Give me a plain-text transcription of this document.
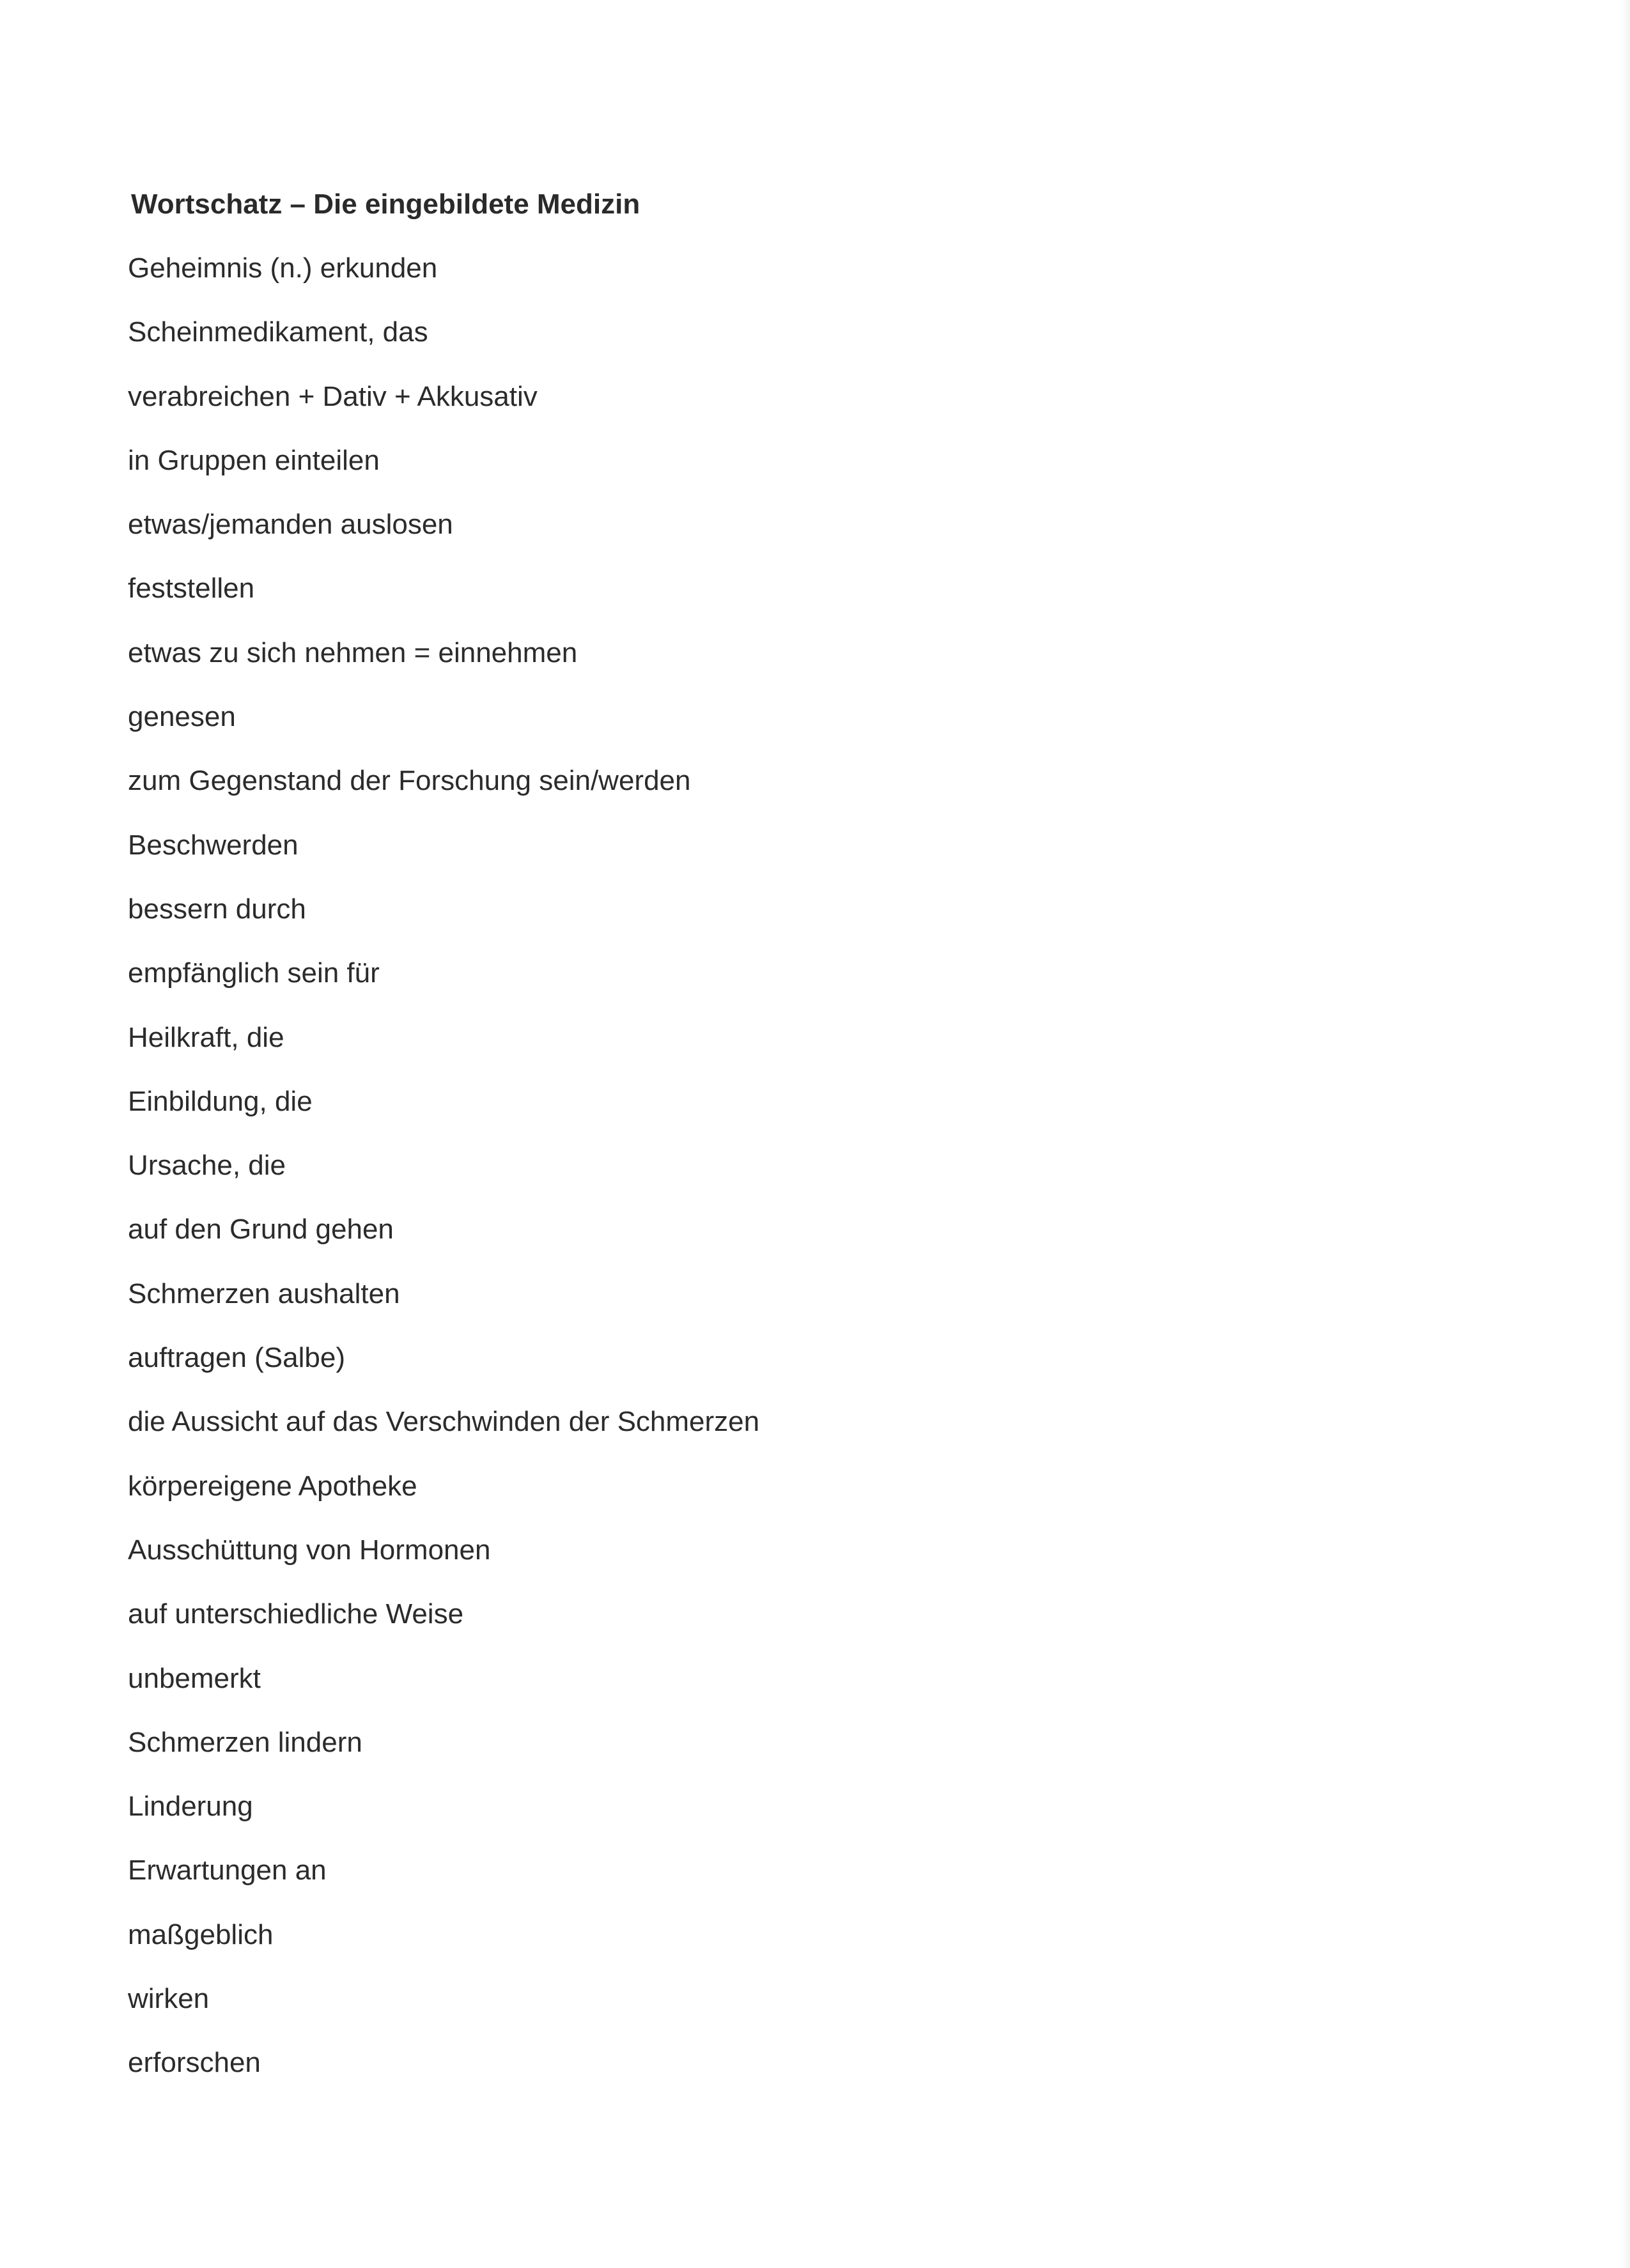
Wortschatz – Die eingebildete Medizin
Geheimnis (n.) erkunden
Scheinmedikament, das
verabreichen + Dativ + Akkusativ
in Gruppen einteilen
etwas/jemanden auslosen
feststellen
etwas zu sich nehmen = einnehmen
genesen
zum Gegenstand der Forschung sein/werden
Beschwerden
bessern durch
empfänglich sein für
Heilkraft, die
Einbildung, die
Ursache, die
auf den Grund gehen
Schmerzen aushalten
auftragen (Salbe)
die Aussicht auf das Verschwinden der Schmerzen
körpereigene Apotheke
Ausschüttung von Hormonen
auf unterschiedliche Weise
unbemerkt
Schmerzen lindern
Linderung
Erwartungen an
maßgeblich
wirken
erforschen
